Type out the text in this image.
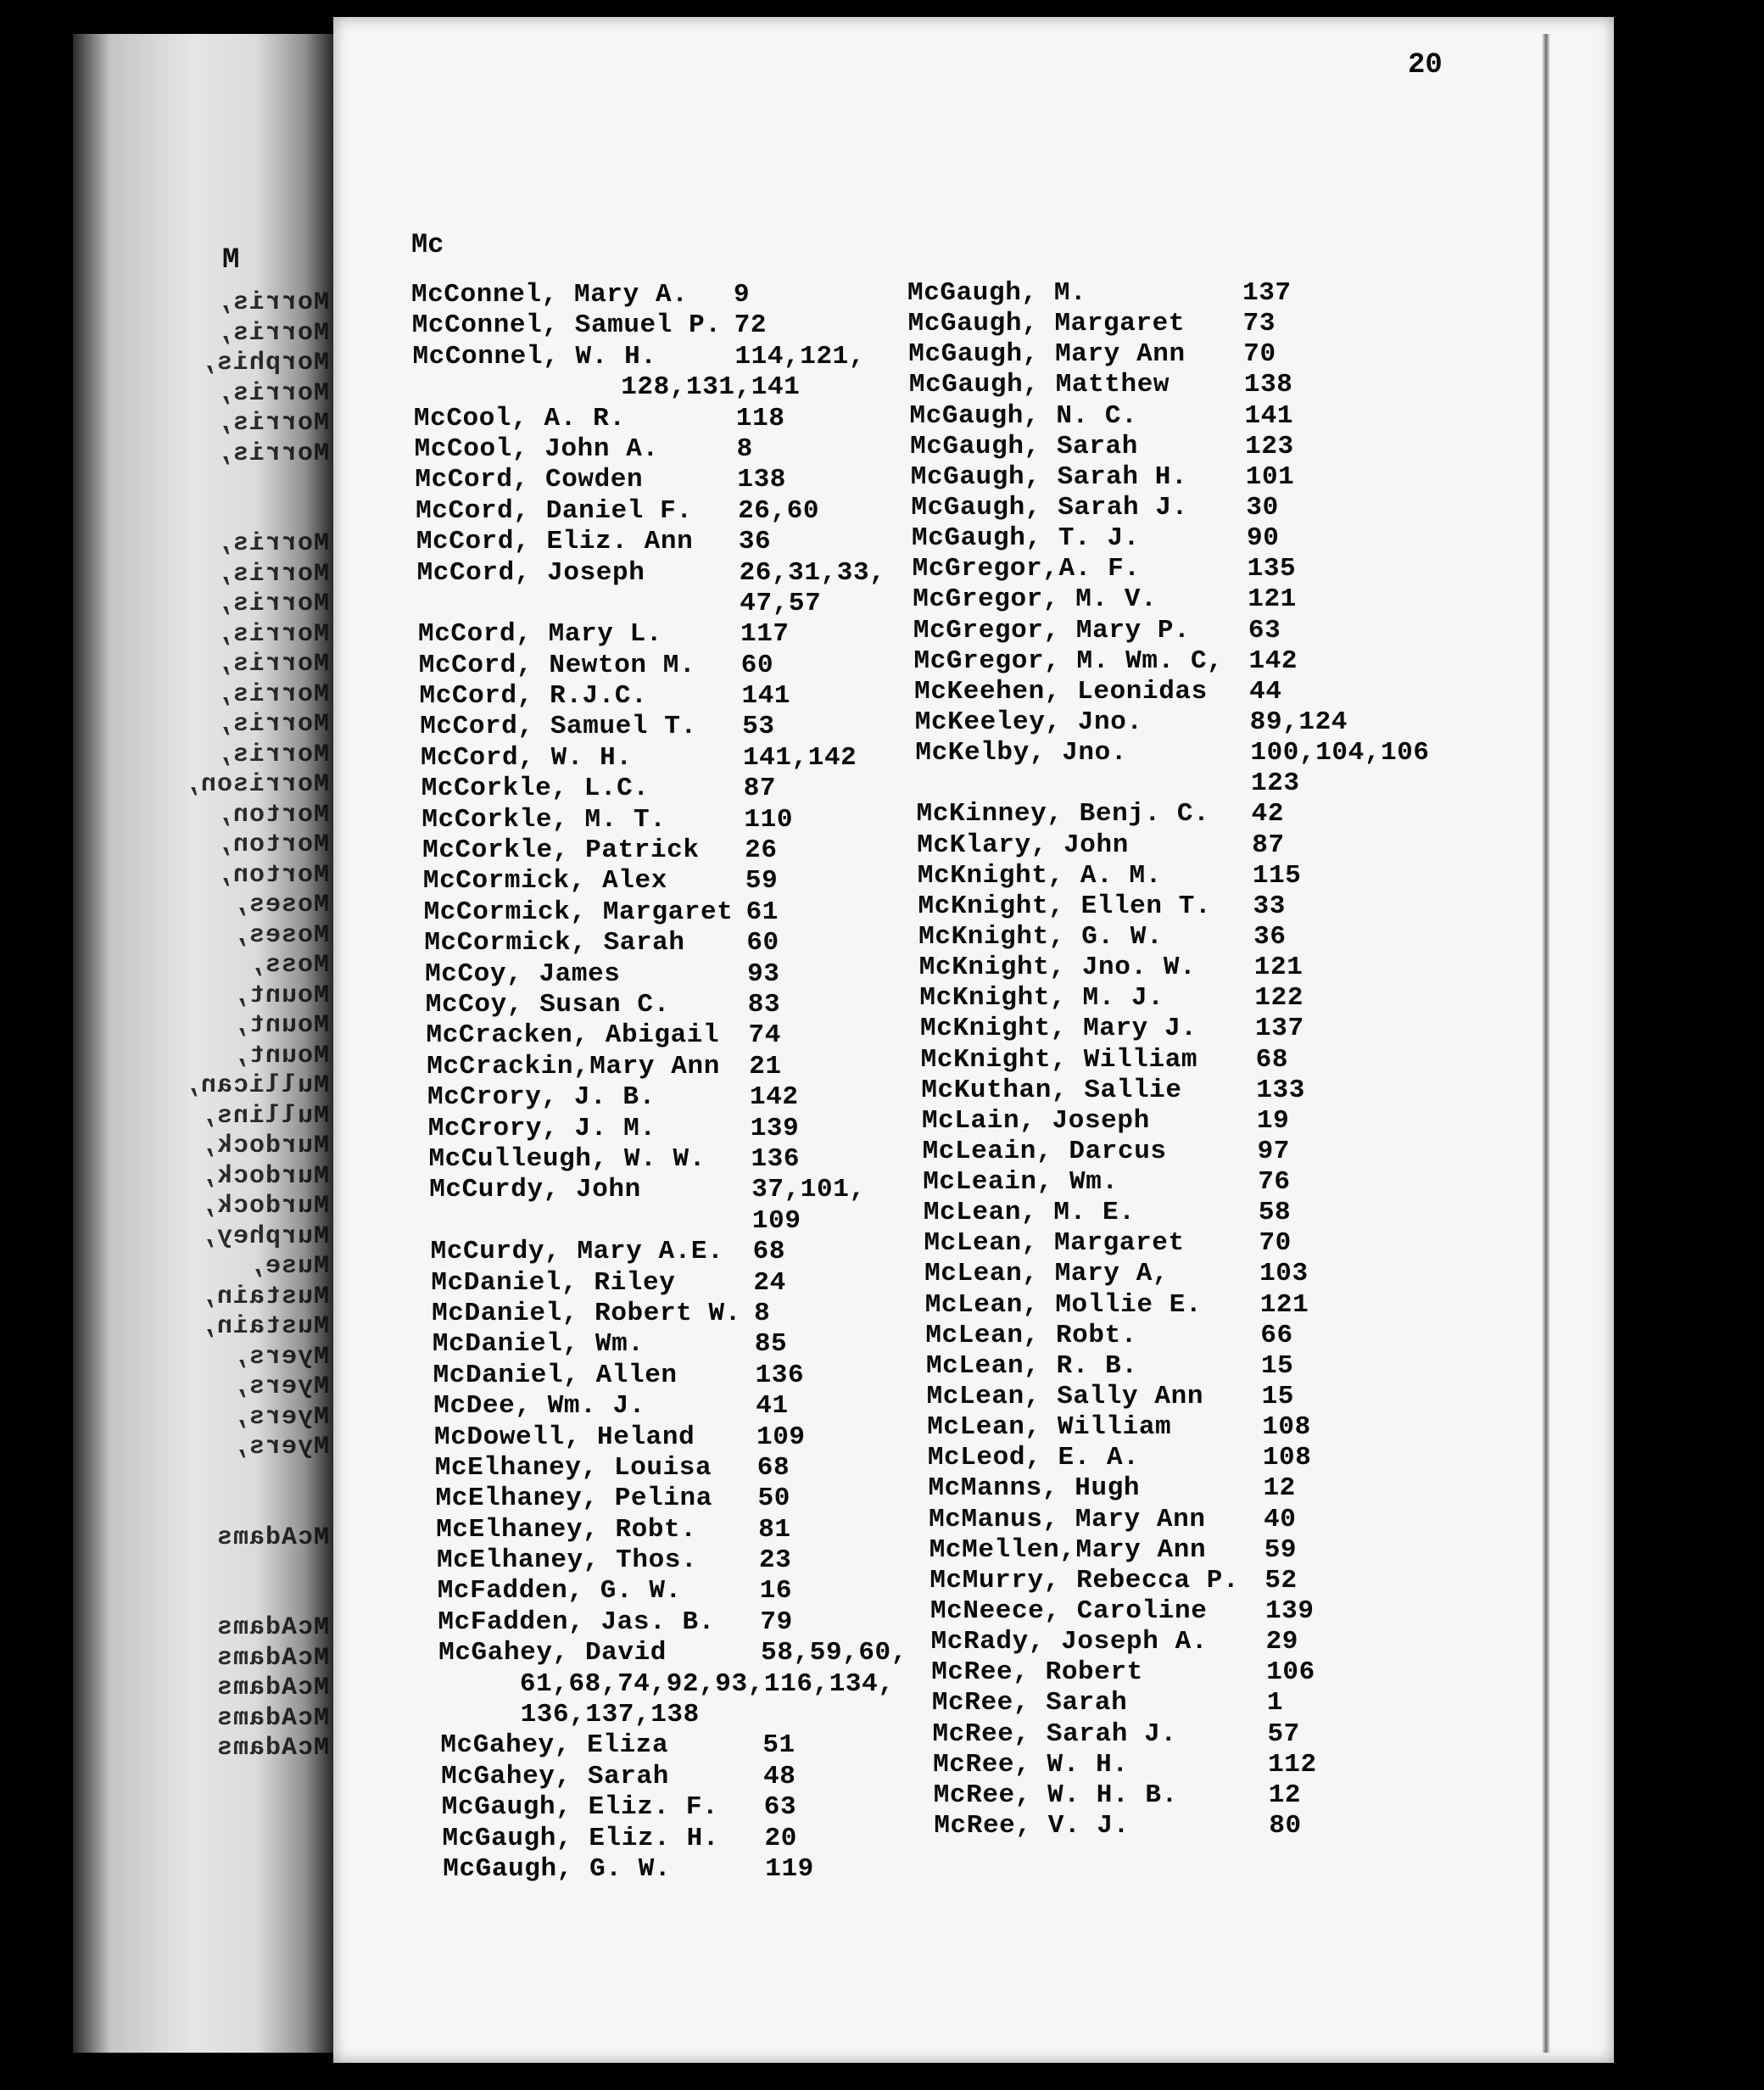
M
Morris,
Morris,
Morphis,
Morris,
Morris,
Morris,
Morris,
Morris,
Morris,
Morris,
Morris,
Morris,
Morris,
Morris,
Morrison,
Morton,
Morton,
Morton,
Moses,
Moses,
Moss,
Mount,
Mount,
Mount,
Mullican,
Mullins,
Murdock,
Murdock,
Murdock,
Murphey,
Muse,
Mustain,
Mustain,
Myers,
Myers,
Myers,
Myers,
McAdams
McAdams
McAdams
McAdams
McAdams
McAdams
20
Mc
McConnel, Mary A. 9
McConnel, Samuel P. 72
McConnel, W. H.	114,121,
128,131,141
McCool, A. R.	118
McCool, John A.	8
McCord, Cowden	138
McCord, Daniel F. 26,60
McCord, Eliz. Ann 36
McCord, Joseph	26,31,33,
47,57
McCord, Mary L.	117
McCord, Newton M. 60
McCord, R.J.C.	141
McCord, Samuel T. 53
McCord, W. H.	141,142
McCorkle, L.C.	87
McCorkle, M. T.	110
McCorkle, Patrick 26
McCormick, Alex	59
McCormick, Margaret 61
McCormick, Sarah 60
McCoy, James	93
McCoy, Susan C.	83
McCracken, Abigail 74
McCrackin,Mary Ann 21
McCrory, J. B.	142
McCrory, J. M.	139
McCulleugh, W. W. 136
McCurdy, John	37,101,
109
McCurdy, Mary A.E. 68
McDaniel, Riley	24
McDaniel, Robert W. 8
McDaniel, Wm.	85
McDaniel, Allen	136
McDee, Wm. J.	41
McDowell, Heland 109
McElhaney, Louisa 68
McElhaney, Pelina 50
McElhaney, Robt. 81
McElhaney, Thos. 23
McFadden, G. W.	16
McFadden, Jas. B. 79
McGahey, David	58,59,60,
61,68,74,92,93,116,134,
136,137,138
McGahey, Eliza	51
McGahey, Sarah	48
McGaugh, Eliz. F. 63
McGaugh, Eliz. H. 20
McGaugh, G. W.	119
McGaugh, M.	137
McGaugh, Margaret 73
McGaugh, Mary Ann 70
McGaugh, Matthew	138
McGaugh, N. C.	141
McGaugh, Sarah	123
McGaugh, Sarah H. 101
McGaugh, Sarah J. 30
McGaugh, T. J.	90
McGregor,A. F.	135
McGregor, M. V.	121
McGregor, Mary P. 63
McGregor, M. Wm. C, 142
McKeehen, Leonidas 44
McKeeley, Jno.	89,124
McKelby, Jno.	100,104,106
123
McKinney, Benj. C. 42
McKlary, John	87
McKnight, A. M.	115
McKnight, Ellen T. 33
McKnight, G. W.	36
McKnight, Jno. W. 121
McKnight, M. J.	122
McKnight, Mary J. 137
McKnight, William 68
McKuthan, Sallie	133
McLain, Joseph	19
McLeain, Darcus	97
McLeain, Wm.	76
McLean, M. E.	58
McLean, Margaret	70
McLean, Mary A,	103
McLean, Mollie E. 121
McLean, Robt.	66
McLean, R. B.	15
McLean, Sally Ann 15
McLean, William	108
McLeod, E. A.	108
McManns, Hugh	12
McManus, Mary Ann 40
McMellen,Mary Ann 59
McMurry, Rebecca P. 52
McNeece, Caroline 139
McRady, Joseph A. 29
McRee, Robert	106
McRee, Sarah	1
McRee, Sarah J.	57
McRee, W. H.	112
McRee, W. H. B.	12
McRee, V. J.	80
